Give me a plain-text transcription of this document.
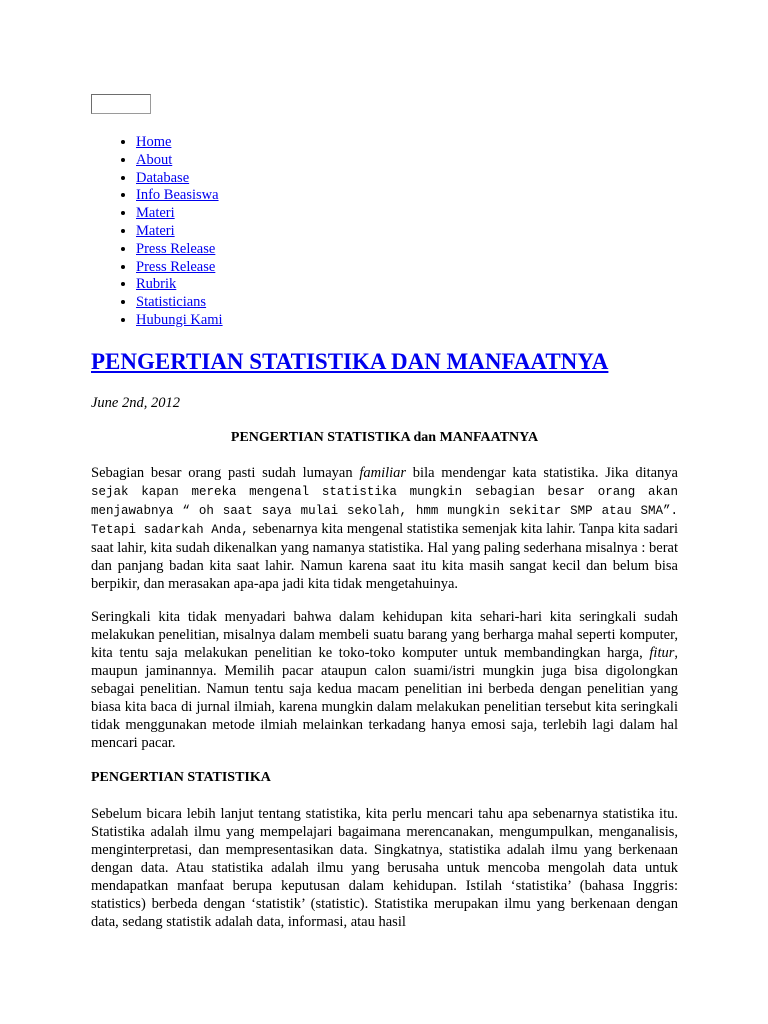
• Home
• About
• Database
• Info Beasiswa
• Materi
• Materi
• Press Release
• Press Release
• Rubrik
• Statisticians
• Hubungi Kami
PENGERTIAN STATISTIKA DAN MANFAATNYA

June 2nd, 2012

PENGERTIAN STATISTIKA dan MANFAATNYA

Sebagian besar orang pasti sudah lumayan familiar bila mendengar kata statistika. Jika ditanya sejak kapan mereka mengenal statistika mungkin sebagian besar orang akan menjawabnya “ oh saat saya mulai sekolah, hmm mungkin sekitar SMP atau SMA”. Tetapi sadarkah Anda, sebenarnya kita mengenal statistika semenjak kita lahir. Tanpa kita sadari saat lahir, kita sudah dikenalkan yang namanya statistika. Hal yang paling sederhana misalnya : berat dan panjang badan kita saat lahir. Namun karena saat itu kita masih sangat kecil dan belum bisa berpikir, dan merasakan apa-apa jadi kita tidak mengetahuinya.

Seringkali kita tidak menyadari bahwa dalam kehidupan kita sehari-hari kita seringkali sudah melakukan penelitian, misalnya dalam membeli suatu barang yang berharga mahal seperti komputer, kita tentu saja melakukan penelitian ke toko-toko komputer untuk membandingkan harga, fitur, maupun jaminannya. Memilih pacar ataupun calon suami/istri mungkin juga bisa digolongkan sebagai penelitian. Namun tentu saja kedua macam penelitian ini berbeda dengan penelitian yang biasa kita baca di jurnal ilmiah, karena mungkin dalam melakukan penelitian tersebut kita seringkali tidak menggunakan metode ilmiah melainkan terkadang hanya emosi saja, terlebih lagi dalam hal mencari pacar.

PENGERTIAN STATISTIKA

Sebelum bicara lebih lanjut tentang statistika, kita perlu mencari tahu apa sebenarnya statistika itu. Statistika adalah ilmu yang mempelajari bagaimana merencanakan, mengumpulkan, menganalisis, menginterpretasi, dan mempresentasikan data. Singkatnya, statistika adalah ilmu yang berkenaan dengan data. Atau statistika adalah ilmu yang berusaha untuk mencoba mengolah data untuk mendapatkan manfaat berupa keputusan dalam kehidupan. Istilah ‘statistika’ (bahasa Inggris: statistics) berbeda dengan ‘statistik’ (statistic). Statistika merupakan ilmu yang berkenaan dengan data, sedang statistik adalah data, informasi, atau hasil
